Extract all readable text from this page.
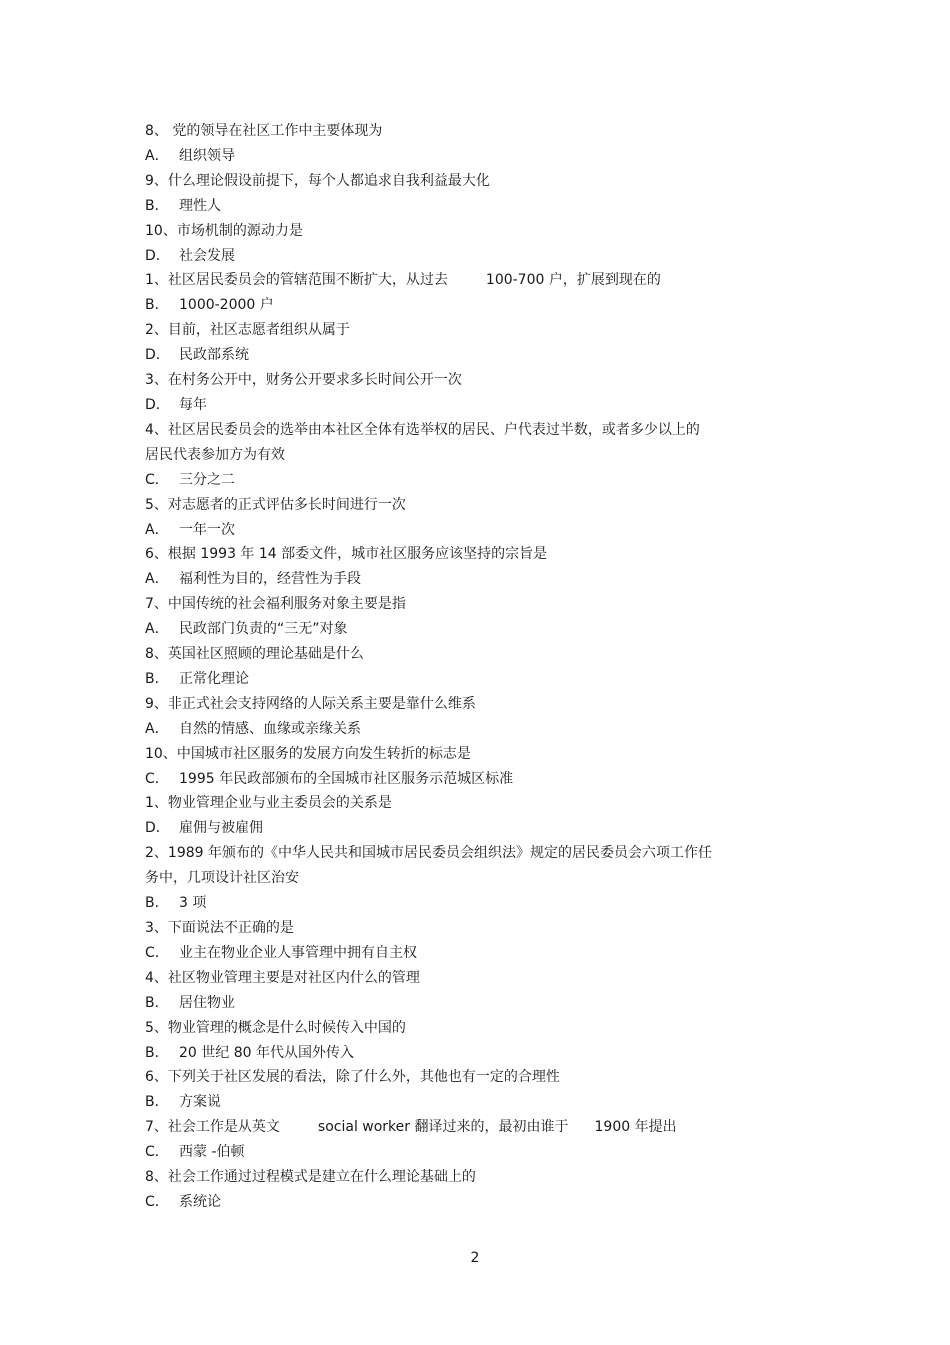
8、 党的领导在社区工作中主要体现为
A． 组织领导
9、什么理论假设前提下，每个人都追求自我利益最大化
B． 理性人
10、市场机制的源动力是
D． 社会发展
1、社区居民委员会的管辖范围不断扩大，从过去	100-700 户，扩展到现在的
B． 1000-2000 户
2、目前，社区志愿者组织从属于
D． 民政部系统
3、在村务公开中，财务公开要求多长时间公开一次
D． 每年
4、社区居民委员会的选举由本社区全体有选举权的居民、户代表过半数，或者多少以上的
居民代表参加方为有效
C． 三分之二
5、对志愿者的正式评估多长时间进行一次
A． 一年一次
6、根据 1993 年 14 部委文件，城市社区服务应该坚持的宗旨是
A． 福利性为目的，经营性为手段
7、中国传统的社会福利服务对象主要是指
A． 民政部门负责的“三无”对象
8、英国社区照顾的理论基础是什么
B． 正常化理论
9、非正式社会支持网络的人际关系主要是靠什么维系
A． 自然的情感、血缘或亲缘关系
10、中国城市社区服务的发展方向发生转折的标志是
C． 1995 年民政部颁布的全国城市社区服务示范城区标准
1、物业管理企业与业主委员会的关系是
D． 雇佣与被雇佣
2、1989 年颁布的《中华人民共和国城市居民委员会组织法》规定的居民委员会六项工作任
务中，几项设计社区治安
B． 3 项
3、下面说法不正确的是
C． 业主在物业企业人事管理中拥有自主权
4、社区物业管理主要是对社区内什么的管理
B． 居住物业
5、物业管理的概念是什么时候传入中国的
B． 20 世纪 80 年代从国外传入
6、下列关于社区发展的看法，除了什么外，其他也有一定的合理性
B． 方案说
7、社会工作是从英文	social worker 翻译过来的，最初由谁于 1900 年提出
C． 西蒙 -伯顿
8、社会工作通过过程模式是建立在什么理论基础上的
C． 系统论
2
